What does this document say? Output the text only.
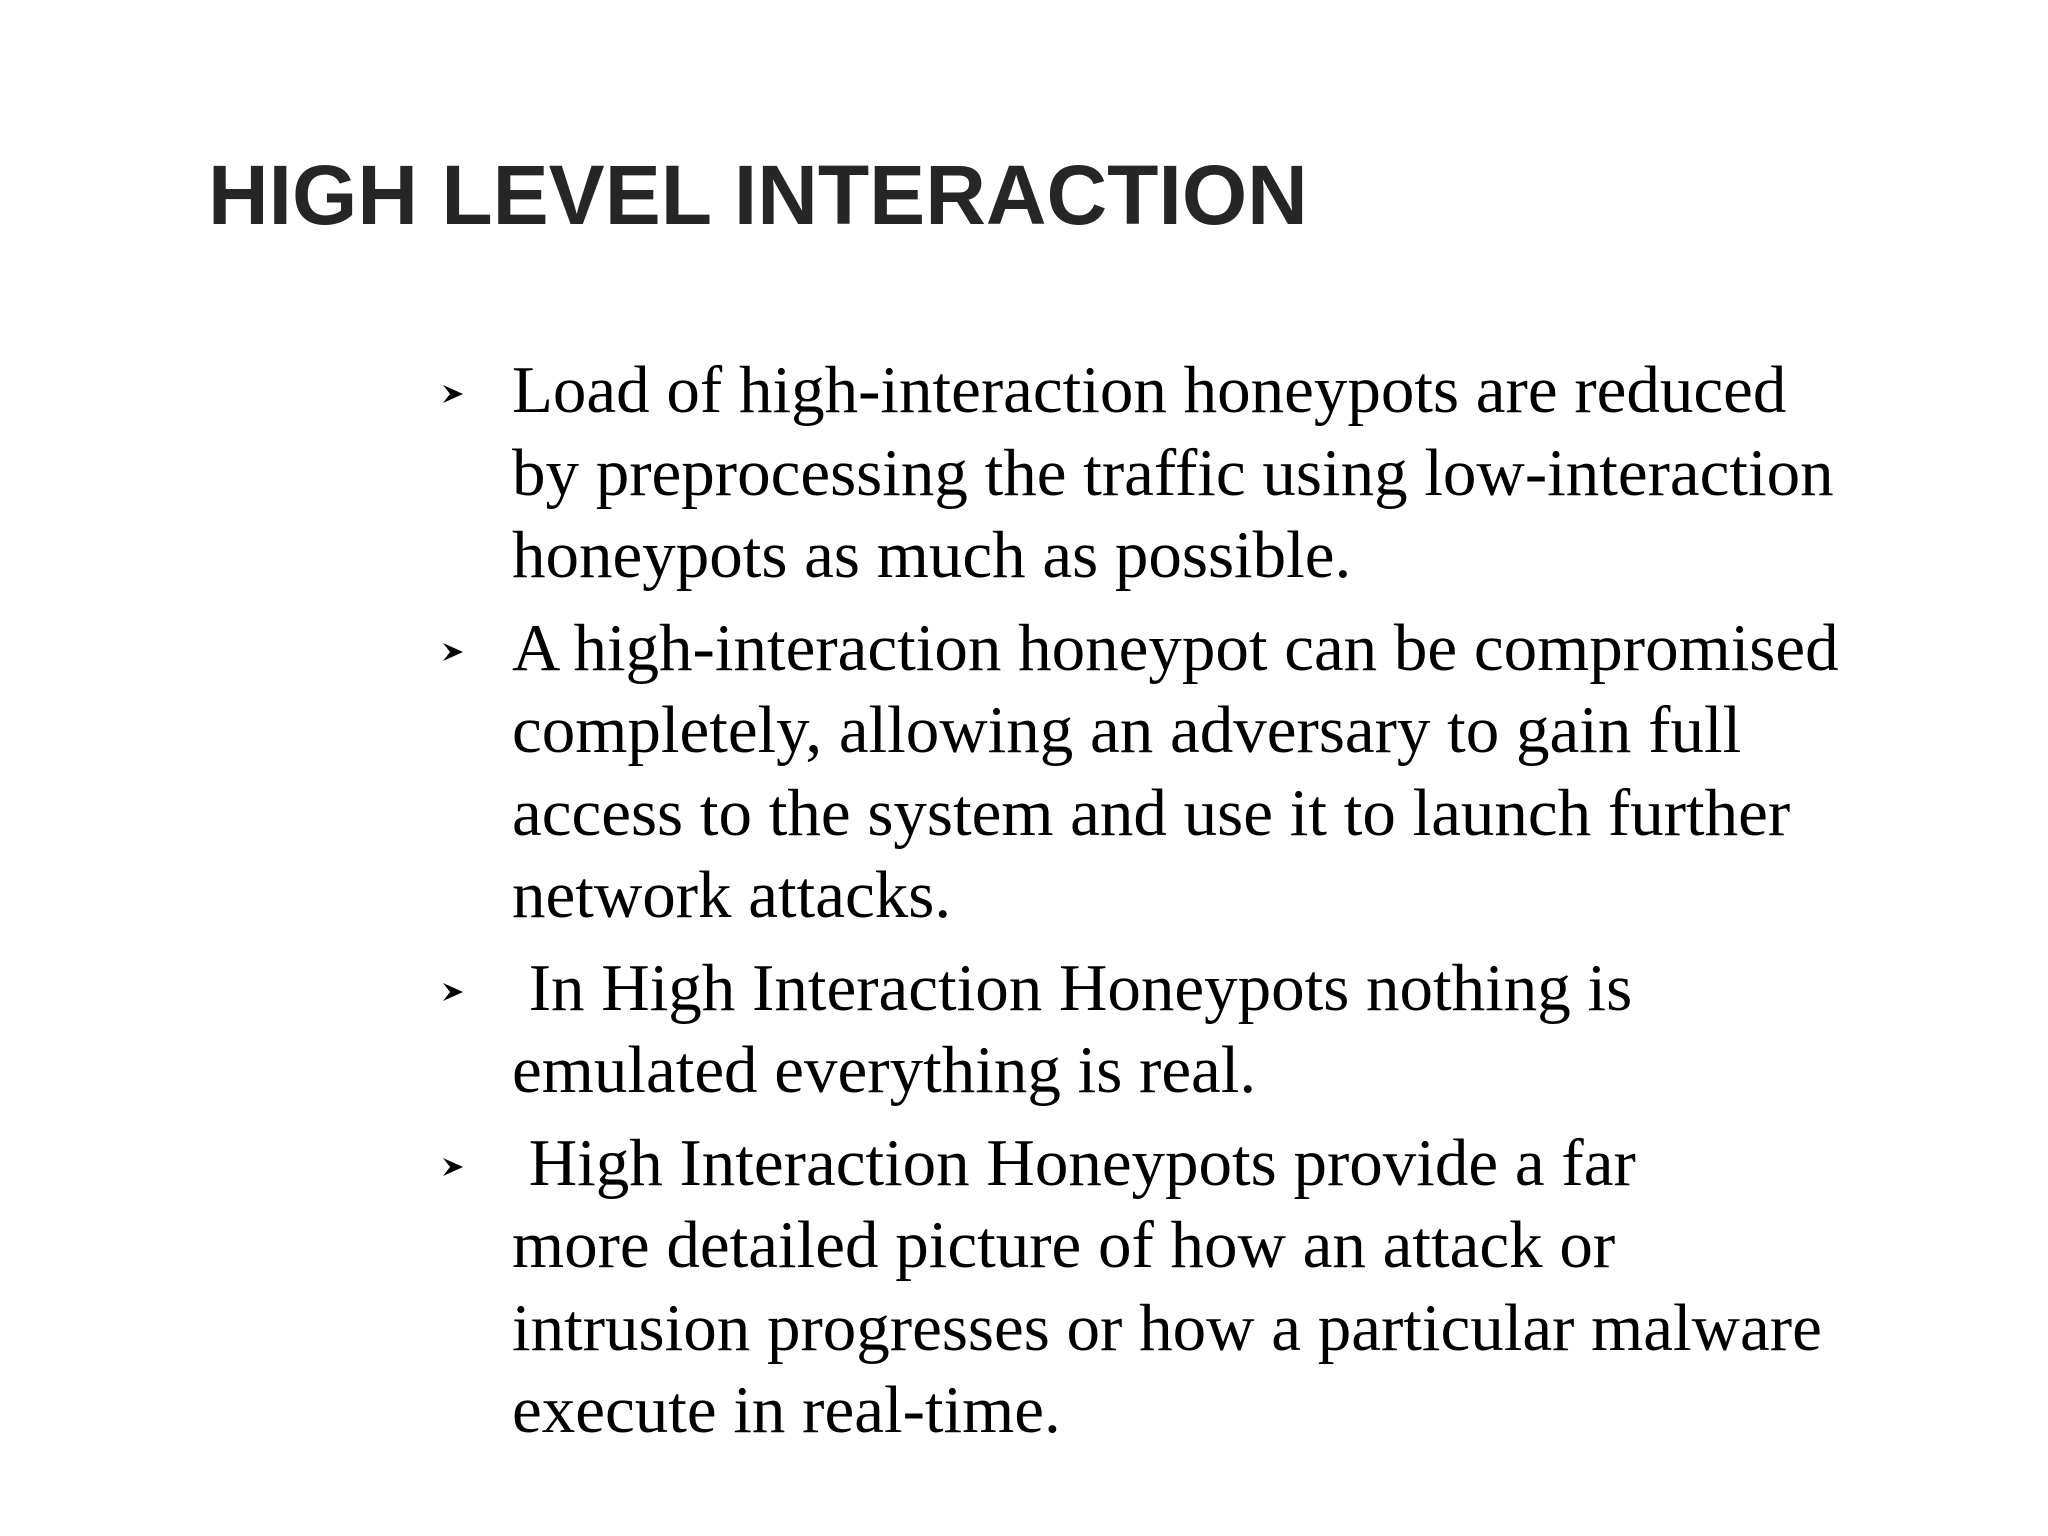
HIGH LEVEL INTERACTION
Load of high-interaction honeypots are reduced
by preprocessing the traffic using low-interaction
honeypots as much as possible.
A high-interaction honeypot can be compromised
completely, allowing an adversary to gain full
access to the system and use it to launch further
network attacks.
In High Interaction Honeypots nothing is
emulated everything is real.
High Interaction Honeypots provide a far
more detailed picture of how an attack or
intrusion progresses or how a particular malware
execute in real-time.
